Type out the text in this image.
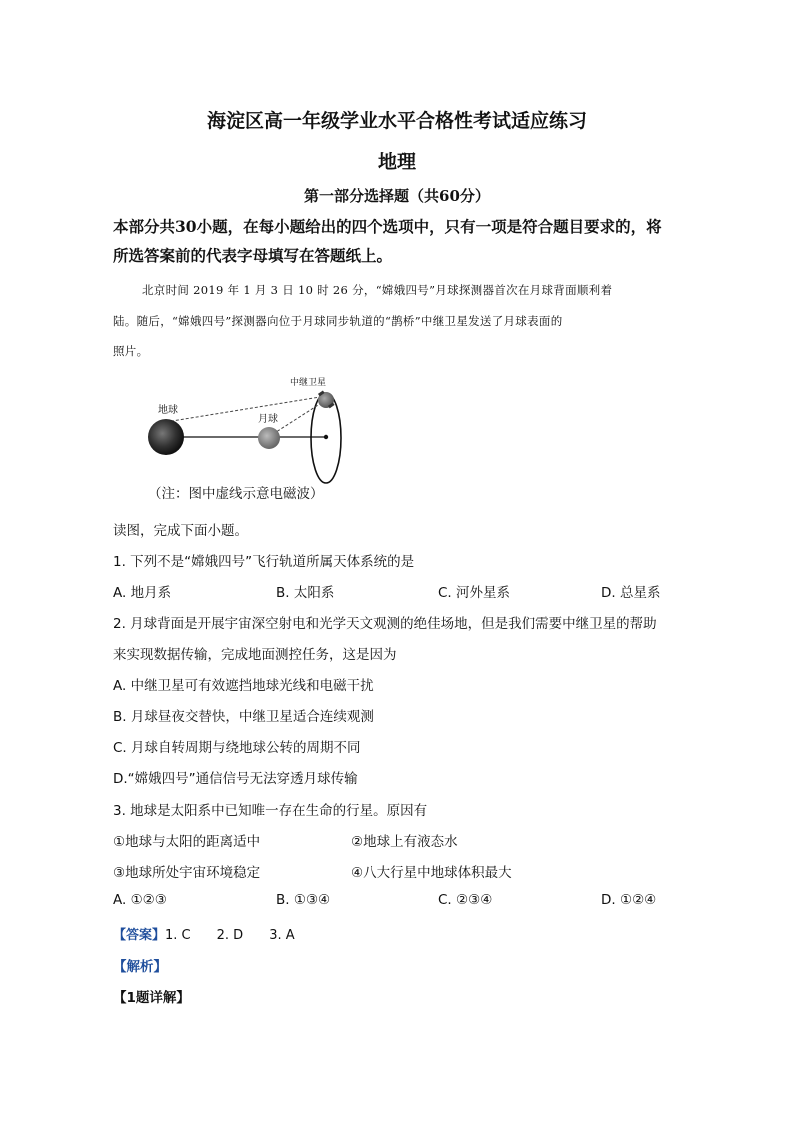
海淀区高一年级学业水平合格性考试适应练习
地理
第一部分选择题（共60分）
本部分共30小题，在每小题给出的四个选项中，只有一项是符合题目要求的，将
所选答案前的代表字母填写在答题纸上。
北京时间 2019 年 1 月 3 日 10 时 26 分，“嫦娥四号”月球探测器首次在月球背面顺利着
陆。随后，“嫦娥四号”探测器向位于月球同步轨道的“鹊桥”中继卫星发送了月球表面的
照片。
地球
月球
中继卫星
（注：图中虚线示意电磁波）
读图，完成下面小题。
1. 下列不是“嫦娥四号”飞行轨道所属天体系统的是
A. 地月系	B. 太阳系	C. 河外星系	D. 总星系
2. 月球背面是开展宇宙深空射电和光学天文观测的绝佳场地，但是我们需要中继卫星的帮助
来实现数据传输，完成地面测控任务，这是因为
A. 中继卫星可有效遮挡地球光线和电磁干扰
B. 月球昼夜交替快，中继卫星适合连续观测
C. 月球自转周期与绕地球公转的周期不同
D.“嫦娥四号”通信信号无法穿透月球传输
3. 地球是太阳系中已知唯一存在生命的行星。原因有
①地球与太阳的距离适中	②地球上有液态水
③地球所处宇宙环境稳定	④八大行星中地球体积最大
A. ①②③	B. ①③④	C. ②③④	D. ①②④
【答案】1. C 2. D 3. A
【解析】
【1题详解】
